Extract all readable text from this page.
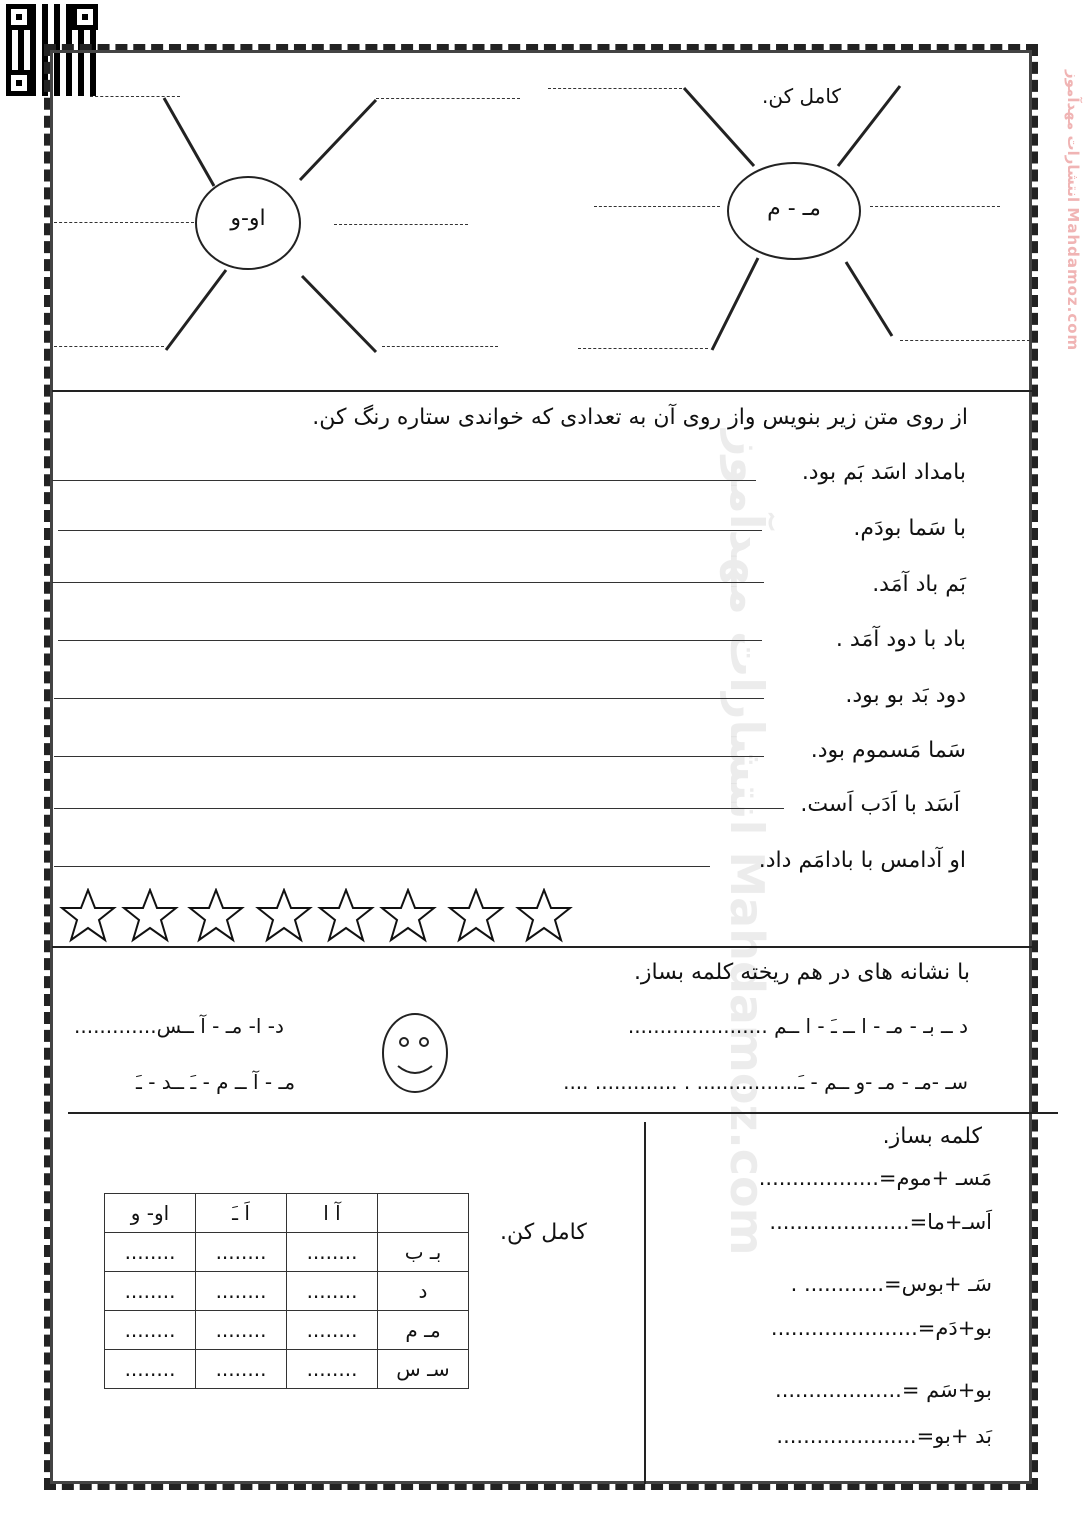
انتشارات مهدآموز Mahdamoz.com
انتشارات مهدآموز Mahdamoz.com
کامل کن.
مـ - م
او-و
از روی متن زیر بنویس واز روی آن به تعدادی که خواندی ستاره رنگ کن.
بامداد اسَد بَم بود.
با سَما بودَم.
بَم باد آمَد.
باد با دود آمَد .
دود بَد بو بود.
سَما مَسموم بود.
اَسَد با اَدَب اَست.
او آدامس با بادامَم داد.
با نشانه های در هم ریخته کلمه بساز.
د ــ بـ - مـ - ا ــ ـَ - ا ــم ......................
د- ا- مـ - آ ــس.............
سـ -مـ - مـ -و ــم - ـَ................ . ............. ....
مـ - آ ــ م - ـَ ــد - ـَ
کامل کن.
	آ ا	اَ ـَ	او- و
بـ ب	........	........	........
د	........	........	........
مـ م	........	........	........
سـ س	........	........	........
کلمه بساز.
مَسـ +موم=..................
اَسـ+ما=.....................
سَـ +بوس=............ .
بو+دَم=......................
بو+سَم =...................
بَد +بو=.....................
